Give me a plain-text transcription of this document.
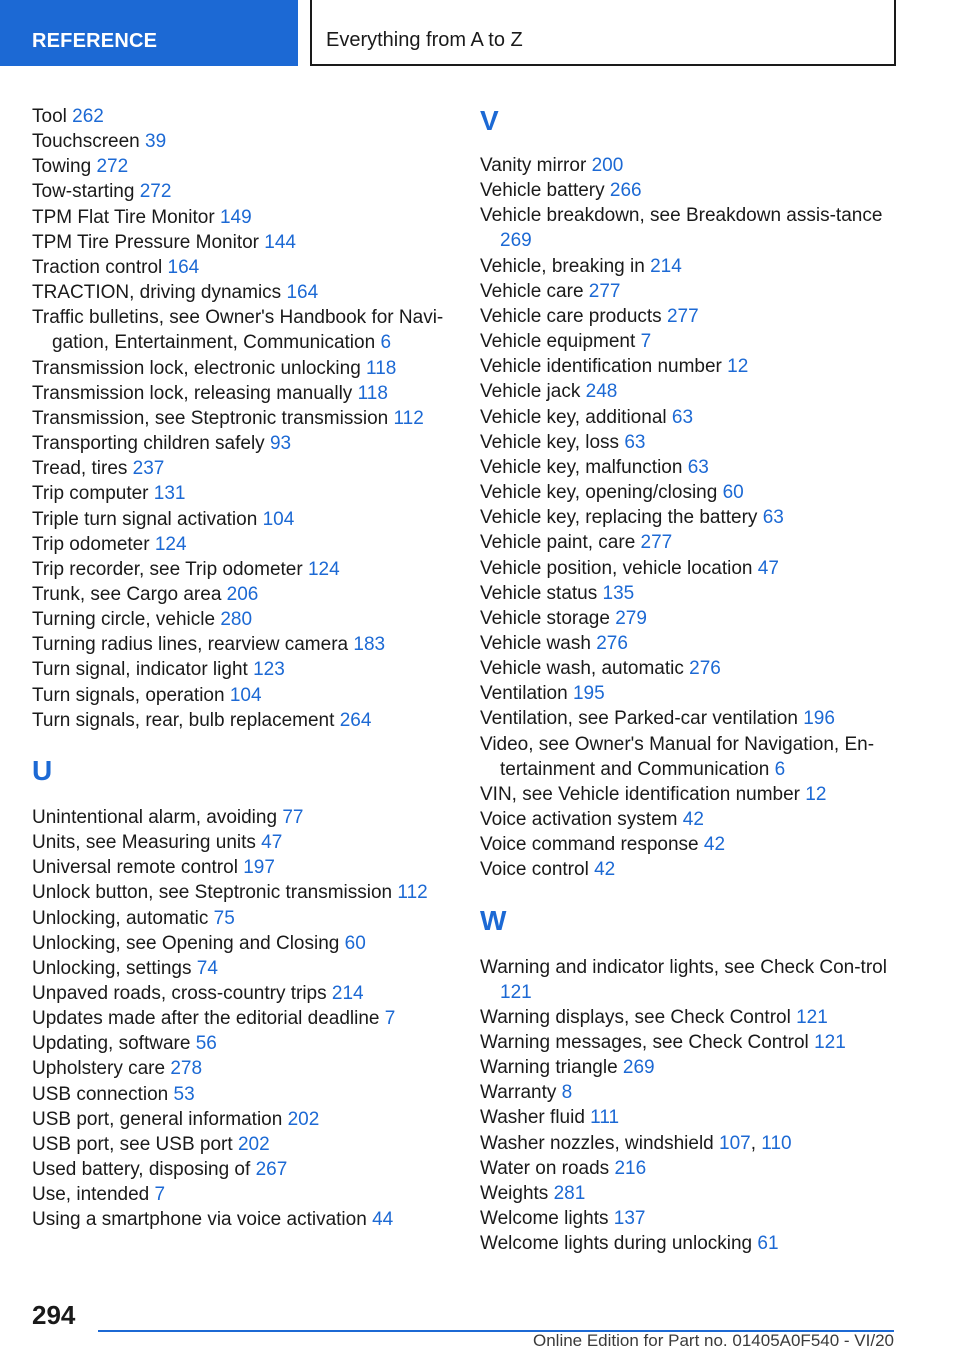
REFERENCE	Everything from A to Z
Tool 262
Touchscreen 39
Towing 272
Tow-starting 272
TPM Flat Tire Monitor 149
TPM Tire Pressure Monitor 144
Traction control 164
TRACTION, driving dynamics 164
Traffic bulletins, see Owner's Handbook for Navi‐gation, Entertainment, Communication 6
Transmission lock, electronic unlocking 118
Transmission lock, releasing manually 118
Transmission, see Steptronic transmission 112
Transporting children safely 93
Tread, tires 237
Trip computer 131
Triple turn signal activation 104
Trip odometer 124
Trip recorder, see Trip odometer 124
Trunk, see Cargo area 206
Turning circle, vehicle 280
Turning radius lines, rearview camera 183
Turn signal, indicator light 123
Turn signals, operation 104
Turn signals, rear, bulb replacement 264
U
Unintentional alarm, avoiding 77
Units, see Measuring units 47
Universal remote control 197
Unlock button, see Steptronic transmission 112
Unlocking, automatic 75
Unlocking, see Opening and Closing 60
Unlocking, settings 74
Unpaved roads, cross-country trips 214
Updates made after the editorial deadline 7
Updating, software 56
Upholstery care 278
USB connection 53
USB port, general information 202
USB port, see USB port 202
Used battery, disposing of 267
Use, intended 7
Using a smartphone via voice activation 44
V
Vanity mirror 200
Vehicle battery 266
Vehicle breakdown, see Breakdown assis‐tance 269
Vehicle, breaking in 214
Vehicle care 277
Vehicle care products 277
Vehicle equipment 7
Vehicle identification number 12
Vehicle jack 248
Vehicle key, additional 63
Vehicle key, loss 63
Vehicle key, malfunction 63
Vehicle key, opening/closing 60
Vehicle key, replacing the battery 63
Vehicle paint, care 277
Vehicle position, vehicle location 47
Vehicle status 135
Vehicle storage 279
Vehicle wash 276
Vehicle wash, automatic 276
Ventilation 195
Ventilation, see Parked-car ventilation 196
Video, see Owner's Manual for Navigation, En‐tertainment and Communication 6
VIN, see Vehicle identification number 12
Voice activation system 42
Voice command response 42
Voice control 42
W
Warning and indicator lights, see Check Con‐trol 121
Warning displays, see Check Control 121
Warning messages, see Check Control 121
Warning triangle 269
Warranty 8
Washer fluid 111
Washer nozzles, windshield 107, 110
Water on roads 216
Weights 281
Welcome lights 137
Welcome lights during unlocking 61
294
Online Edition for Part no. 01405A0F540 - VI/20
